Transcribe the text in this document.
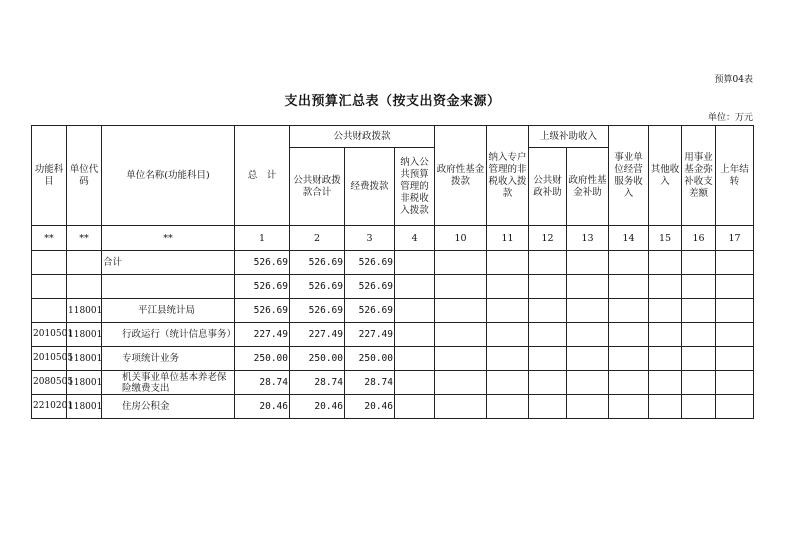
预算04表
支出预算汇总表（按支出资金来源）
单位：万元
功能科目	单位代码	单位名称(功能科目)	总　计	公共财政拨款			政府性基金拨款	纳入专户管理的非税收入拨款	上级补助收入		事业单位经营服务收入	其他收入	用事业基金弥补收支差额	上年结转
				公共财政拨款合计	经费拨款	纳入公共预算管理的非税收入拨款			公共财政补助	政府性基金补助				
**	**	**	1	2	3	4	10	11	12	13	14	15	16	17
		合计	526.69	526.69	526.69									
			526.69	526.69	526.69									
	118001	平江县统计局	526.69	526.69	526.69									
2010501	118001	行政运行（统计信息事务）	227.49	227.49	227.49									
2010505	118001	专项统计业务	250.00	250.00	250.00									
2080505	118001	机关事业单位基本养老保险缴费支出	28.74	28.74	28.74									
2210201	118001	住房公积金	20.46	20.46	20.46									
